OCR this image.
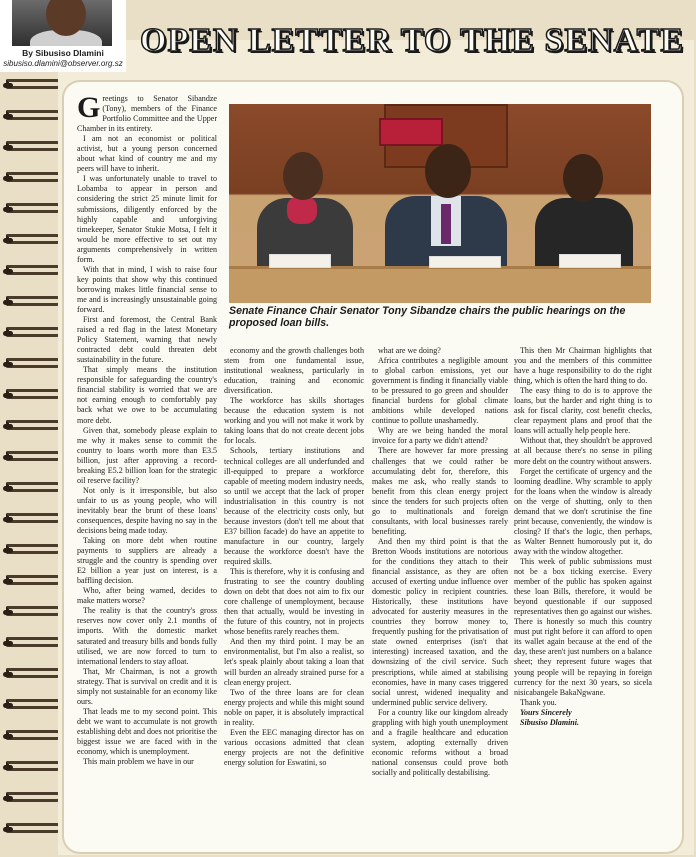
By Sibusiso Dlamini
sibusiso.dlamini@observer.org.sz
OPEN LETTER TO THE SENATE
Senate Finance Chair Senator Tony Sibandze chairs the public hearings on the proposed loan bills.

Greetings to Senator Sibandze (Tony), members of the Finance Portfolio Committee and the Upper Chamber in its entirety.

I am not an economist or political activist, but a young person concerned about what kind of country me and my peers will have to inherit.

I was unfortunately unable to travel to Lobamba to appear in person and considering the strict 25 minute limit for submissions, diligently enforced by the highly capable and unforgiving timekeeper, Senator Stukie Motsa, I felt it would be more effective to set out my arguments comprehensively in written form.

With that in mind, I wish to raise four key points that show why this continued borrowing makes little financial sense to me and is increasingly unsustainable going forward.

First and foremost, the Central Bank raised a red flag in the latest Monetary Policy Statement, warning that newly contracted debt could threaten debt sustainability in the future.

That simply means the institution responsible for safeguarding the country's financial stability is worried that we are not earning enough to comfortably pay back what we owe to be accumulating more debt.

Given that, somebody please explain to me why it makes sense to commit the country to loans worth more than E3.5 billion, just after approving a record-breaking E5.2 billion loan for the strategic oil reserve facility?

Not only is it irresponsible, but also unfair to us as young people, who will inevitably bear the brunt of these loans' consequences, despite having no say in the decisions being made today.

Taking on more debt when routine payments to suppliers are already a struggle and the country is spending over E2 billion a year just on interest, is a baffling decision.

Who, after being warned, decides to make matters worse?

The reality is that the country's gross reserves now cover only 2.1 months of imports. With the domestic market saturated and treasury bills and bonds fully utilised, we are now forced to turn to international lenders to stay afloat.

That, Mr Chairman, is not a growth strategy. That is survival on credit and it is simply not sustainable for an economy like ours.

That leads me to my second point. This debt we want to accumulate is not growth establishing debt and does not prioritise the biggest issue we are faced with in the economy, which is unemployment.

This main problem we have in our

economy and the growth challenges both stem from one fundamental issue, institutional weakness, particularly in education, training and economic diversification.

The workforce has skills shortages because the education system is not working and you will not make it work by taking loans that do not create decent jobs for locals.

Schools, tertiary institutions and technical colleges are all underfunded and ill-equipped to prepare a workforce capable of meeting modern industry needs, so until we accept that the lack of proper industrialisation in this country is not because of the electricity costs only, but because investors (don't tell me about that E37 billion facade) do have an appetite to manufacture in our country, largely because the workforce doesn't have the required skills.

This is therefore, why it is confusing and frustrating to see the country doubling down on debt that does not aim to fix our core challenge of unemployment, because then that actually, would be investing in the future of this country, not in projects whose benefits rarely reaches them.

And then my third point. I may be an environmentalist, but I'm also a realist, so let's speak plainly about taking a loan that will burden an already strained purse for a clean energy project.

Two of the three loans are for clean energy projects and while this might sound noble on paper, it is absolutely impractical in reality.

Even the EEC managing director has on various occasions admitted that clean energy projects are not the definitive energy solution for Eswatini, so

what are we doing?

Africa contributes a negligible amount to global carbon emissions, yet our government is finding it financially viable to be pressured to go green and shoulder financial burdens for global climate ambitions while developed nations continue to pollute unashamedly.

Why are we being handed the moral invoice for a party we didn't attend?

There are however far more pressing challenges that we could rather be accumulating debt for, therefore, this makes me ask, who really stands to benefit from this clean energy project since the tenders for such projects often go to multinationals and foreign consultants, with local businesses rarely benefiting.

And then my third point is that the Bretton Woods institutions are notorious for the conditions they attach to their financial assistance, as they are often accused of exerting undue influence over domestic policy in recipient countries. Historically, these institutions have advocated for austerity measures in the countries they borrow money to, frequently pushing for the privatisation of state owned enterprises (isn't that interesting) increased taxation, and the downsizing of the civil service. Such prescriptions, while aimed at stabilising economies, have in many cases triggered social unrest, widened inequality and undermined public service delivery.

For a country like our kingdom already grappling with high youth unemployment and a fragile healthcare and education system, adopting externally driven economic reforms without a broad national consensus could prove both socially and politically destabilising.

This then Mr Chairman highlights that you and the members of this committee have a huge responsibility to do the right thing, which is often the hard thing to do.

The easy thing to do is to approve the loans, but the harder and right thing is to ask for fiscal clarity, cost benefit checks, clear repayment plans and proof that the loans will actually help people here.

Without that, they shouldn't be approved at all because there's no sense in piling more debt on the country without answers.

Forget the certificate of urgency and the looming deadline. Why scramble to apply for the loans when the window is already on the verge of shutting, only to then demand that we don't scrutinise the fine print because, conveniently, the window is closing? If that's the logic, then perhaps, as Walter Bennett humorously put it, do away with the window altogether.

This week of public submissions must not be a box ticking exercise. Every member of the public has spoken against these loan Bills, therefore, it would be beyond questionable if our supposed representatives then go against our wishes. There is honestly so much this country must put right before it can afford to open its wallet again because at the end of the day, these aren't just numbers on a balance sheet; they represent future wages that young people will be repaying in foreign currency for the next 30 years, so sicela nisicabangele BakaNgwane.

Thank you.

Yours Sincerely

Sibusiso Dlamini.
